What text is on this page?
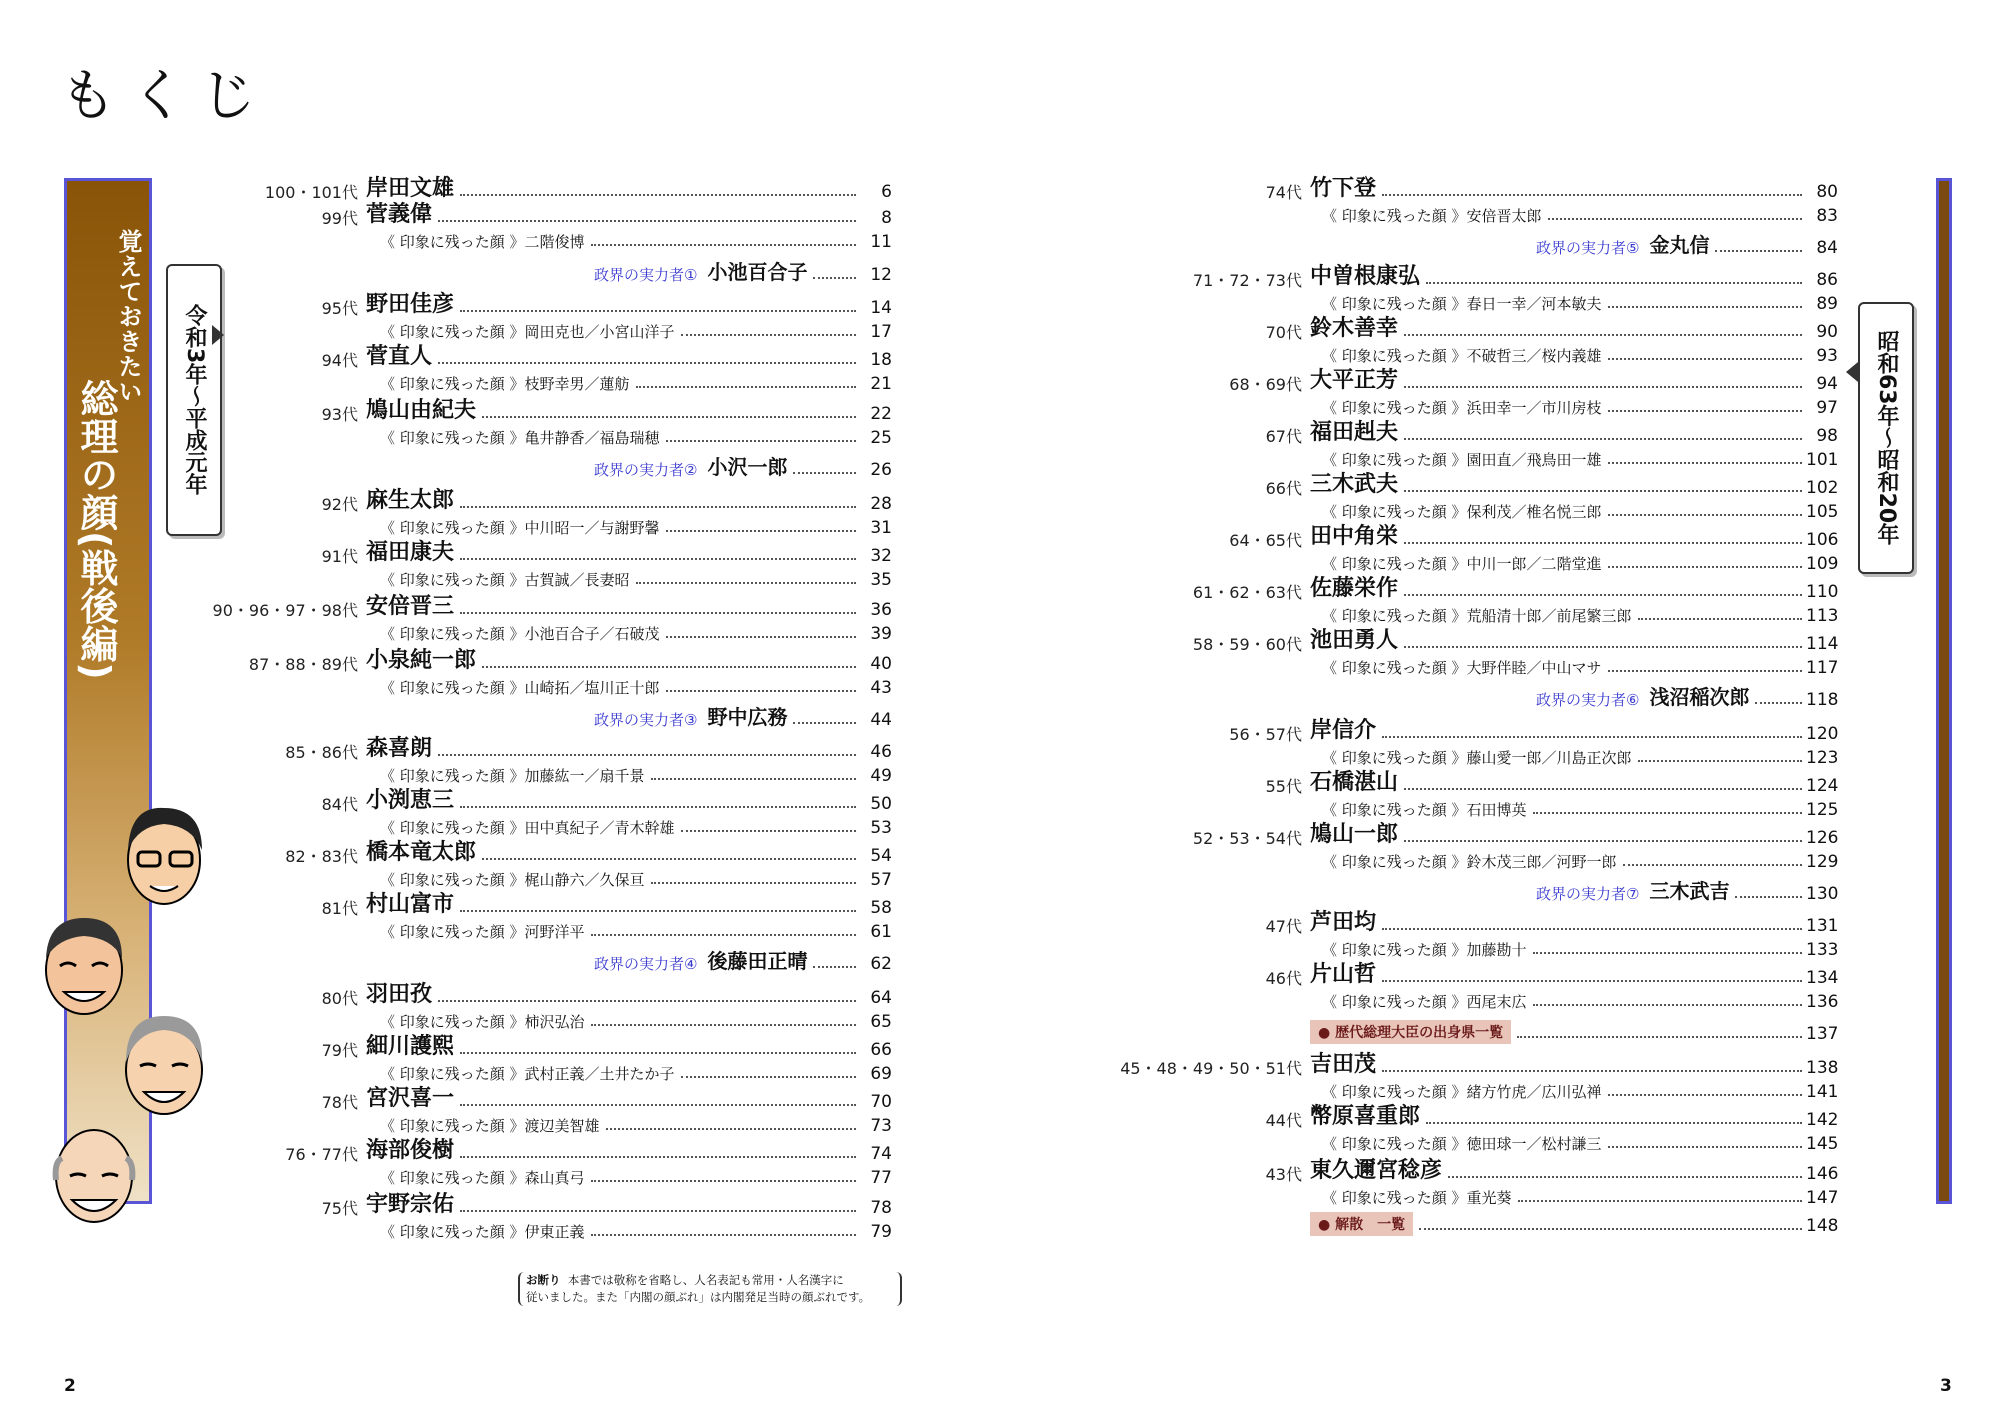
もくじ
覚えておきたい
総理の顔(戦後編)	令和3年～平成元年	昭和63年～昭和20年
100・101代 岸田文雄	6
99代 菅義偉	8
《 印象に残った顔 》二階俊博	11
政界の実力者① 小池百合子	12
95代 野田佳彦	14
《 印象に残った顔 》岡田克也／小宮山洋子	17
94代 菅直人	18
《 印象に残った顔 》枝野幸男／蓮舫	21
93代 鳩山由紀夫	22
《 印象に残った顔 》亀井静香／福島瑞穂	25
政界の実力者② 小沢一郎	26
92代 麻生太郎	28
《 印象に残った顔 》中川昭一／与謝野馨	31
91代 福田康夫	32
《 印象に残った顔 》古賀誠／長妻昭	35
90・96・97・98代 安倍晋三	36
《 印象に残った顔 》小池百合子／石破茂	39
87・88・89代 小泉純一郎	40
《 印象に残った顔 》山崎拓／塩川正十郎	43
政界の実力者③ 野中広務	44
85・86代 森喜朗	46
《 印象に残った顔 》加藤紘一／扇千景	49
84代 小渕恵三	50
《 印象に残った顔 》田中真紀子／青木幹雄	53
82・83代 橋本竜太郎	54
《 印象に残った顔 》梶山静六／久保亘	57
81代 村山富市	58
《 印象に残った顔 》河野洋平	61
政界の実力者④ 後藤田正晴	62
80代 羽田孜	64
《 印象に残った顔 》柿沢弘治	65
79代 細川護熙	66
《 印象に残った顔 》武村正義／土井たか子	69
78代 宮沢喜一	70
《 印象に残った顔 》渡辺美智雄	73
76・77代 海部俊樹	74
《 印象に残った顔 》森山真弓	77
75代 宇野宗佑	78
《 印象に残った顔 》伊東正義	79
74代 竹下登	80
《 印象に残った顔 》安倍晋太郎	83
政界の実力者⑤ 金丸信	84
71・72・73代 中曽根康弘	86
《 印象に残った顔 》春日一幸／河本敏夫	89
70代 鈴木善幸	90
《 印象に残った顔 》不破哲三／桜内義雄	93
68・69代 大平正芳	94
《 印象に残った顔 》浜田幸一／市川房枝	97
67代 福田赳夫	98
《 印象に残った顔 》園田直／飛鳥田一雄	101
66代 三木武夫	102
《 印象に残った顔 》保利茂／椎名悦三郎	105
64・65代 田中角栄	106
《 印象に残った顔 》中川一郎／二階堂進	109
61・62・63代 佐藤栄作	110
《 印象に残った顔 》荒船清十郎／前尾繁三郎	113
58・59・60代 池田勇人	114
《 印象に残った顔 》大野伴睦／中山マサ	117
政界の実力者⑥ 浅沼稲次郎	118
56・57代 岸信介	120
《 印象に残った顔 》藤山愛一郎／川島正次郎	123
55代 石橋湛山	124
《 印象に残った顔 》石田博英	125
52・53・54代 鳩山一郎	126
《 印象に残った顔 》鈴木茂三郎／河野一郎	129
政界の実力者⑦ 三木武吉	130
47代 芦田均	131
《 印象に残った顔 》加藤勘十	133
46代 片山哲	134
《 印象に残った顔 》西尾末広	136
● 歴代総理大臣の出身県一覧	137
45・48・49・50・51代 吉田茂	138
《 印象に残った顔 》緒方竹虎／広川弘禅	141
44代 幣原喜重郎	142
《 印象に残った顔 》徳田球一／松村謙三	145
43代 東久邇宮稔彦	146
《 印象に残った顔 》重光葵	147
● 解散　一覧	148
お断り 本書では敬称を省略し、人名表記も常用・人名漢字に
従いました。また「内閣の顔ぶれ」は内閣発足当時の顔ぶれです。
2	3
